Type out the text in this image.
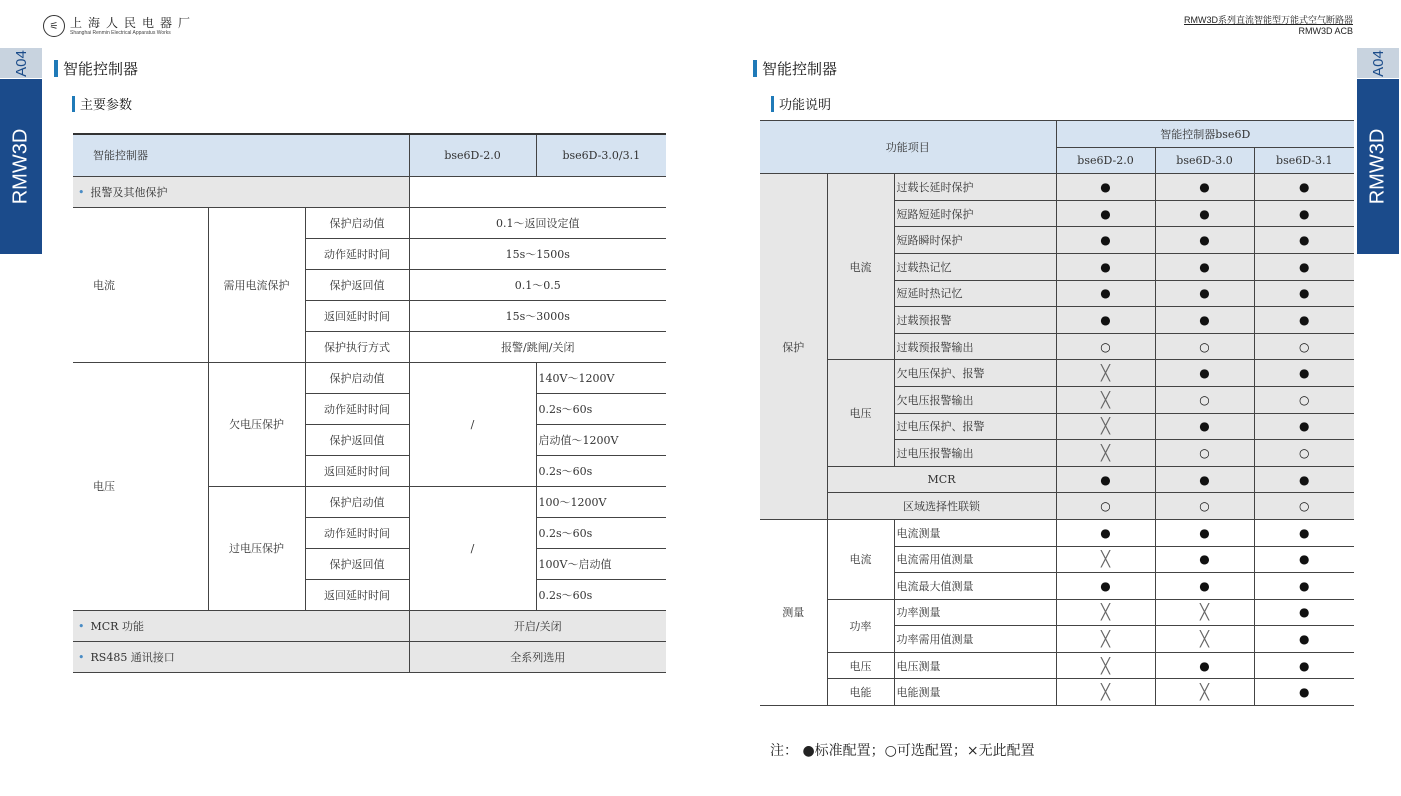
⚟ 上海人民电器厂
Shanghai Renmin Electrical Apparatus Works
RMW3D系列直流智能型万能式空气断路器
RMW3D ACB
A04
RMW3D
A04
RMW3D
智能控制器
主要参数
智能控制器			bse6D-2.0	bse6D-3.0/3.1
• 报警及其他保护				
电流	需用电流保护	保护启动值	0.1～返回设定值	
		动作延时时间	15s～1500s	
		保护返回值	0.1～0.5	
		返回延时时间	15s～3000s	
		保护执行方式	报警/跳闸/关闭	
电压	欠电压保护	保护启动值	/	140V～1200V
		动作延时时间		0.2s～60s
		保护返回值		启动值～1200V
		返回延时时间		0.2s～60s
	过电压保护	保护启动值	/	100～1200V
		动作延时时间		0.2s～60s
		保护返回值		100V～启动值
		返回延时时间		0.2s～60s
• MCR 功能			开启/关闭	
• RS485 通讯接口			全系列选用	
智能控制器
功能说明
功能项目			智能控制器bse6D		
			bse6D-2.0	bse6D-3.0	bse6D-3.1
保护	电流	过载长延时保护	●	●	●
		短路短延时保护	●	●	●
		短路瞬时保护	●	●	●
		过载热记忆	●	●	●
		短延时热记忆	●	●	●
		过载预报警	●	●	●
		过载预报警输出	○	○	○
	电压	欠电压保护、报警	╳	●	●
		欠电压报警输出	╳	○	○
		过电压保护、报警	╳	●	●
		过电压报警输出	╳	○	○
	MCR		●	●	●
	区域选择性联锁		○	○	○
测量	电流	电流测量	●	●	●
		电流需用值测量	╳	●	●
		电流最大值测量	●	●	●
	功率	功率测量	╳	╳	●
		功率需用值测量	╳	╳	●
	电压	电压测量	╳	●	●
	电能	电能测量	╳	╳	●
注： ●标准配置；○可选配置；×无此配置
